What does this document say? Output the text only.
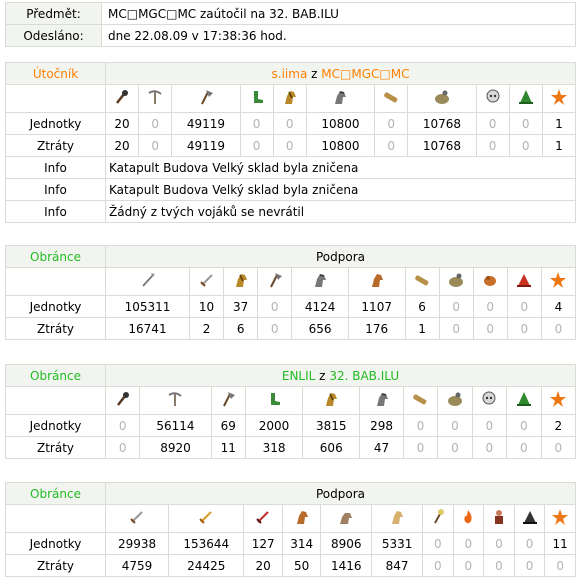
Předmět:	MC□MGC□MC zaútočil na 32. BAB.ILU
Odesláno:	dne 22.08.09 v 17:38:36 hod.
Útočník	s.iima z MC□MGC□MC										

Jednotky	20	0	49119	0	0	10800	0	10768	0	0	1
Ztráty	20	0	49119	0	0	10800	0	10768	0	0	1
Info	Katapult Budova Velký sklad byla zničena										
Info	Katapult Budova Velký sklad byla zničena										
Info	Žádný z tvých vojáků se nevrátil										
Obránce	Podpora										

Jednotky	105311	10	37	0	4124	1107	6	0	0	0	4
Ztráty	16741	2	6	0	656	176	1	0	0	0	0
Obránce	ENLIL z 32. BAB.ILU										

Jednotky	0	56114	69	2000	3815	298	0	0	0	0	2
Ztráty	0	8920	11	318	606	47	0	0	0	0	0
Obránce	Podpora										

Jednotky	29938	153644	127	314	8906	5331	0	0	0	0	11
Ztráty	4759	24425	20	50	1416	847	0	0	0	0	0
